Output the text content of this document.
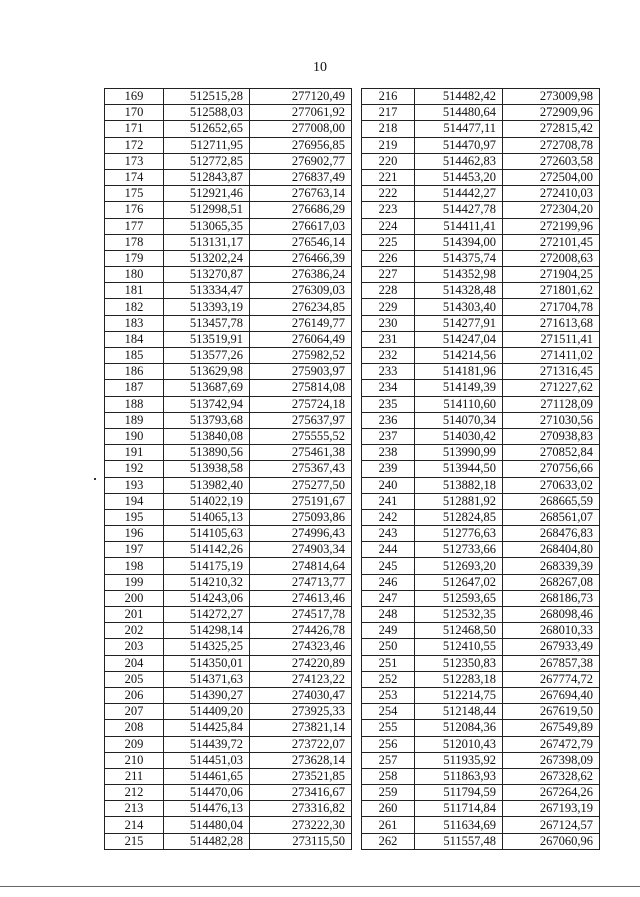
10
169	512515,28	277120,49
170	512588,03	277061,92
171	512652,65	277008,00
172	512711,95	276956,85
173	512772,85	276902,77
174	512843,87	276837,49
175	512921,46	276763,14
176	512998,51	276686,29
177	513065,35	276617,03
178	513131,17	276546,14
179	513202,24	276466,39
180	513270,87	276386,24
181	513334,47	276309,03
182	513393,19	276234,85
183	513457,78	276149,77
184	513519,91	276064,49
185	513577,26	275982,52
186	513629,98	275903,97
187	513687,69	275814,08
188	513742,94	275724,18
189	513793,68	275637,97
190	513840,08	275555,52
191	513890,56	275461,38
192	513938,58	275367,43
193	513982,40	275277,50
194	514022,19	275191,67
195	514065,13	275093,86
196	514105,63	274996,43
197	514142,26	274903,34
198	514175,19	274814,64
199	514210,32	274713,77
200	514243,06	274613,46
201	514272,27	274517,78
202	514298,14	274426,78
203	514325,25	274323,46
204	514350,01	274220,89
205	514371,63	274123,22
206	514390,27	274030,47
207	514409,20	273925,33
208	514425,84	273821,14
209	514439,72	273722,07
210	514451,03	273628,14
211	514461,65	273521,85
212	514470,06	273416,67
213	514476,13	273316,82
214	514480,04	273222,30
215	514482,28	273115,50
216	514482,42	273009,98
217	514480,64	272909,96
218	514477,11	272815,42
219	514470,97	272708,78
220	514462,83	272603,58
221	514453,20	272504,00
222	514442,27	272410,03
223	514427,78	272304,20
224	514411,41	272199,96
225	514394,00	272101,45
226	514375,74	272008,63
227	514352,98	271904,25
228	514328,48	271801,62
229	514303,40	271704,78
230	514277,91	271613,68
231	514247,04	271511,41
232	514214,56	271411,02
233	514181,96	271316,45
234	514149,39	271227,62
235	514110,60	271128,09
236	514070,34	271030,56
237	514030,42	270938,83
238	513990,99	270852,84
239	513944,50	270756,66
240	513882,18	270633,02
241	512881,92	268665,59
242	512824,85	268561,07
243	512776,63	268476,83
244	512733,66	268404,80
245	512693,20	268339,39
246	512647,02	268267,08
247	512593,65	268186,73
248	512532,35	268098,46
249	512468,50	268010,33
250	512410,55	267933,49
251	512350,83	267857,38
252	512283,18	267774,72
253	512214,75	267694,40
254	512148,44	267619,50
255	512084,36	267549,89
256	512010,43	267472,79
257	511935,92	267398,09
258	511863,93	267328,62
259	511794,59	267264,26
260	511714,84	267193,19
261	511634,69	267124,57
262	511557,48	267060,96
